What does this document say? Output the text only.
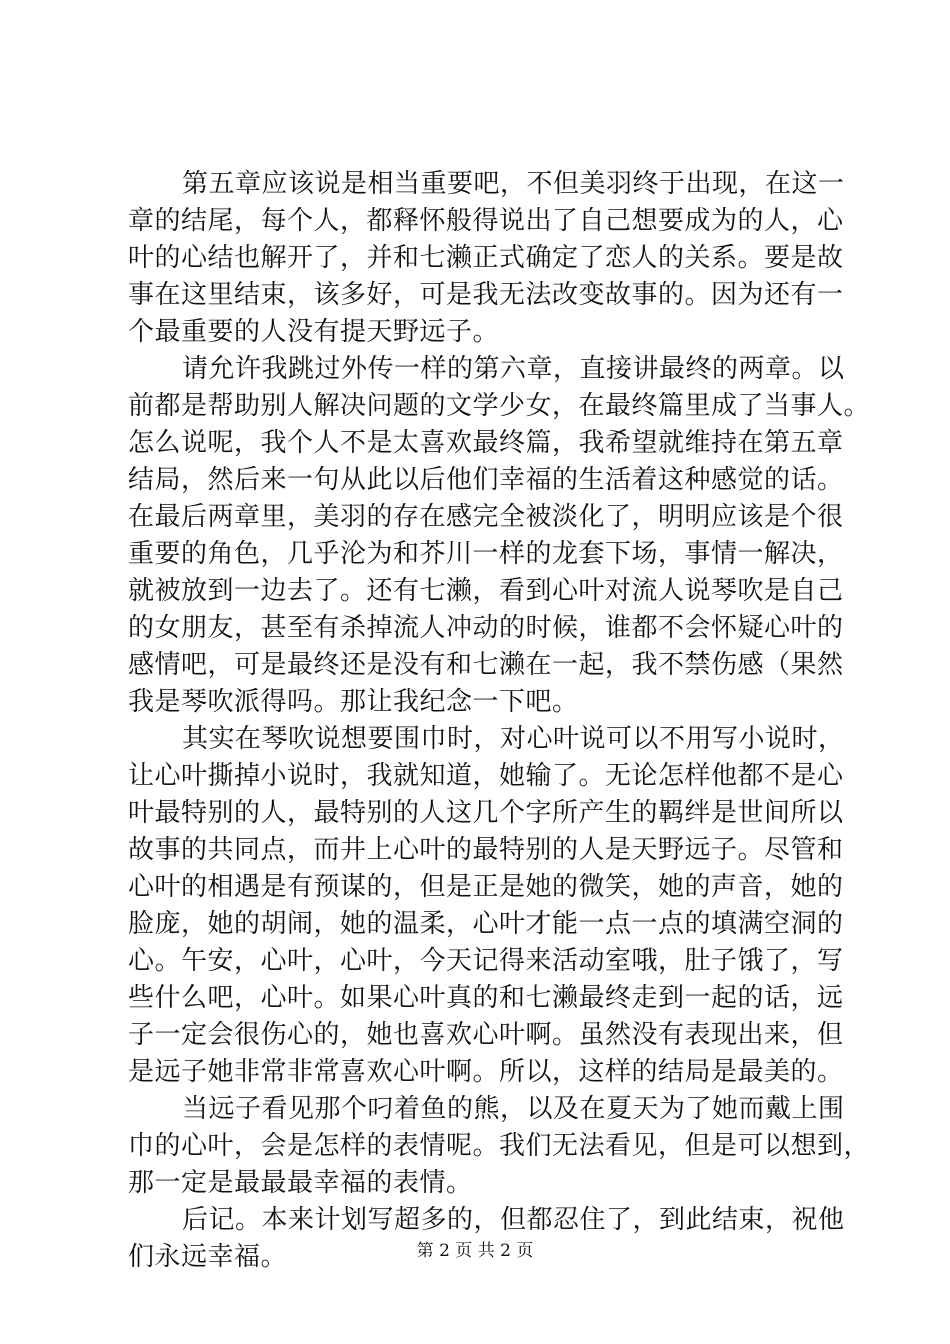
第五章应该说是相当重要吧，不但美羽终于出现，在这一
章的结尾，每个人，都释怀般得说出了自己想要成为的人，心
叶的心结也解开了，并和七濑正式确定了恋人的关系。要是故
事在这里结束，该多好，可是我无法改变故事的。因为还有一
个最重要的人没有提天野远子。
请允许我跳过外传一样的第六章，直接讲最终的两章。以
前都是帮助别人解决问题的文学少女，在最终篇里成了当事人。
怎么说呢，我个人不是太喜欢最终篇，我希望就维持在第五章
结局，然后来一句从此以后他们幸福的生活着这种感觉的话。
在最后两章里，美羽的存在感完全被淡化了，明明应该是个很
重要的角色，几乎沦为和芥川一样的龙套下场，事情一解决，
就被放到一边去了。还有七濑，看到心叶对流人说琴吹是自己
的女朋友，甚至有杀掉流人冲动的时候，谁都不会怀疑心叶的
感情吧，可是最终还是没有和七濑在一起，我不禁伤感（果然
我是琴吹派得吗。那让我纪念一下吧。
其实在琴吹说想要围巾时，对心叶说可以不用写小说时，
让心叶撕掉小说时，我就知道，她输了。无论怎样他都不是心
叶最特别的人，最特别的人这几个字所产生的羁绊是世间所以
故事的共同点，而井上心叶的最特别的人是天野远子。尽管和
心叶的相遇是有预谋的，但是正是她的微笑，她的声音，她的
脸庞，她的胡闹，她的温柔，心叶才能一点一点的填满空洞的
心。午安，心叶，心叶，今天记得来活动室哦，肚子饿了，写
些什么吧，心叶。如果心叶真的和七濑最终走到一起的话，远
子一定会很伤心的，她也喜欢心叶啊。虽然没有表现出来，但
是远子她非常非常喜欢心叶啊。所以，这样的结局是最美的。
当远子看见那个叼着鱼的熊，以及在夏天为了她而戴上围
巾的心叶，会是怎样的表情呢。我们无法看见，但是可以想到，
那一定是最最最幸福的表情。
后记。本来计划写超多的，但都忍住了，到此结束，祝他
们永远幸福。	第 2 页 共 2 页
